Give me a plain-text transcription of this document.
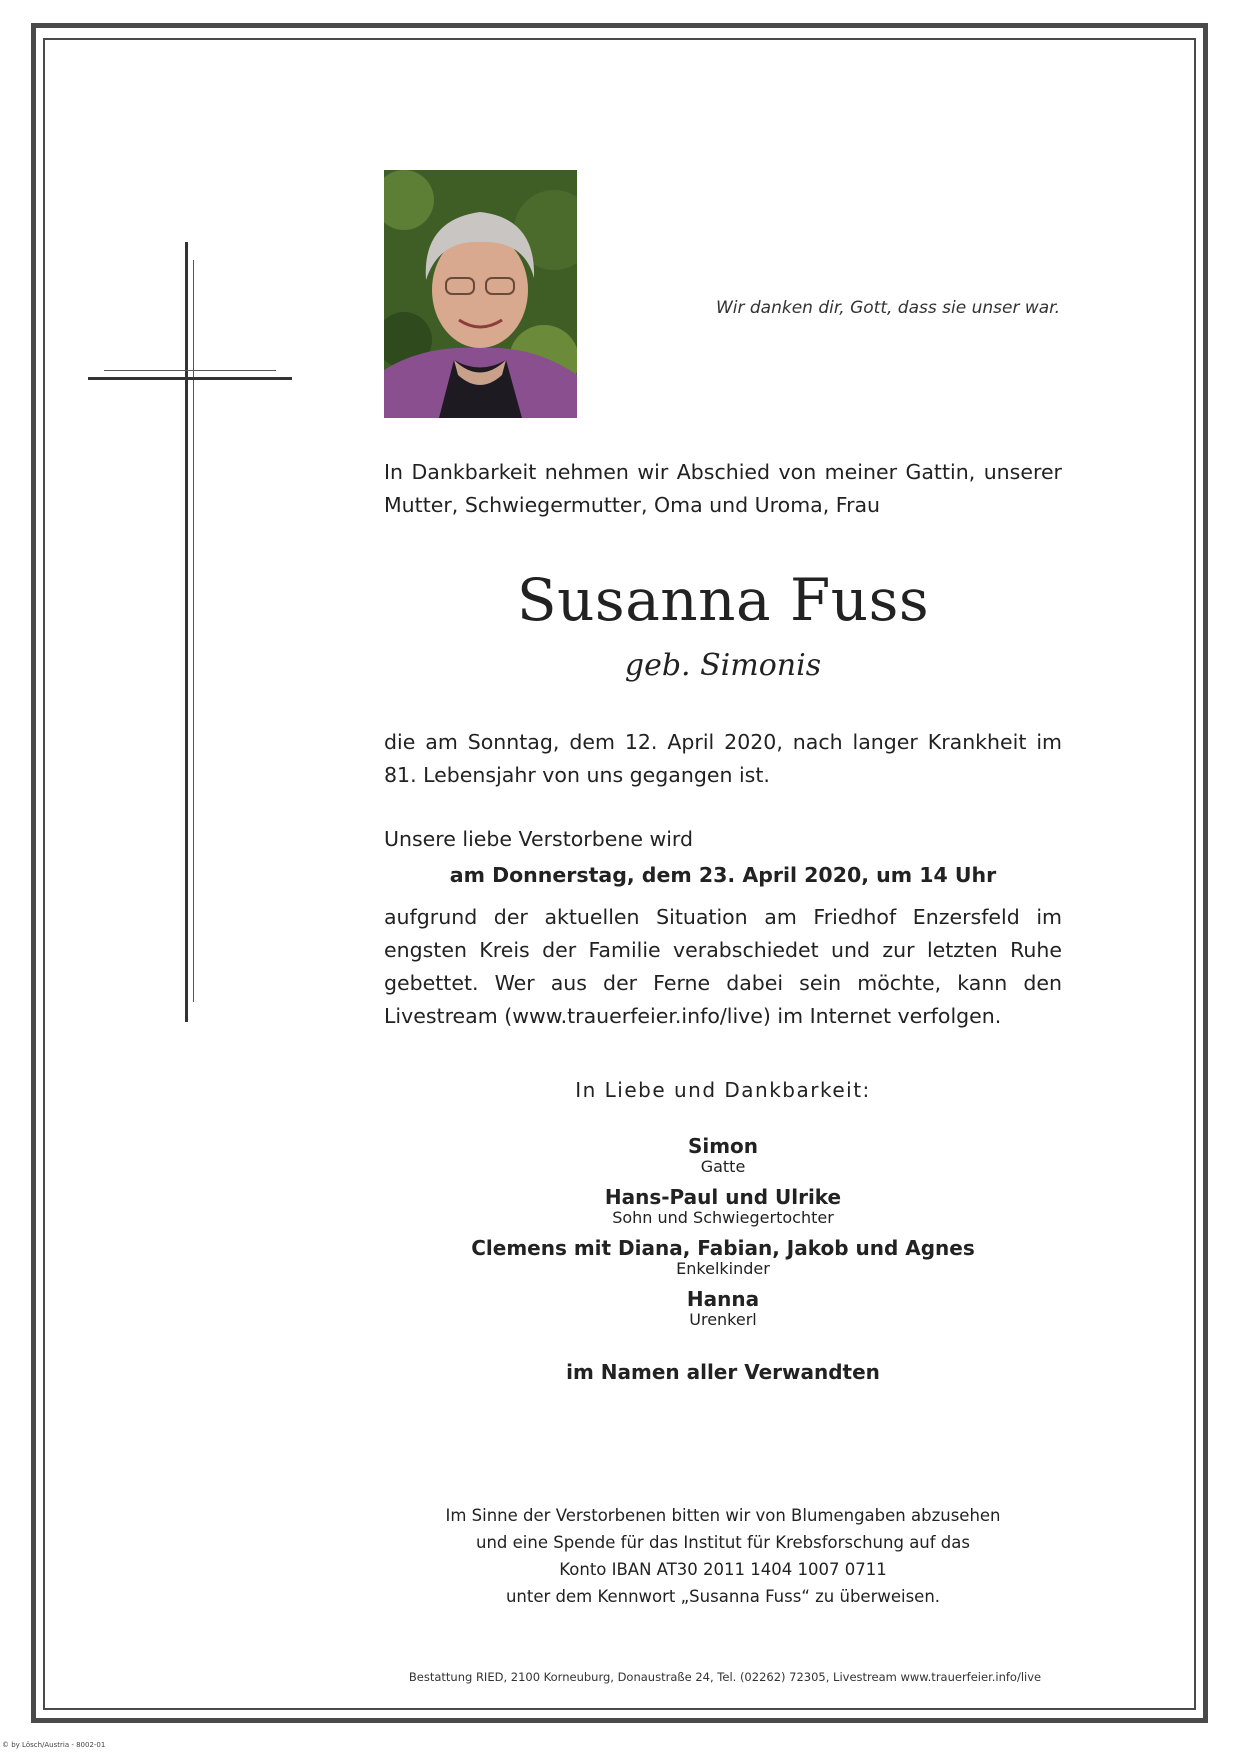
Wir danken dir, Gott, dass sie unser war.
In Dankbarkeit nehmen wir Abschied von meiner Gattin, unserer Mutter, Schwiegermutter, Oma und Uroma, Frau
Susanna Fuss
geb. Simonis
die am Sonntag, dem 12. April 2020, nach langer Krankheit im 81. Lebensjahr von uns gegangen ist.
Unsere liebe Verstorbene wird
am Donnerstag, dem 23. April 2020, um 14 Uhr
aufgrund der aktuellen Situation am Friedhof Enzersfeld im engsten Kreis der Familie verabschiedet und zur letzten Ruhe gebettet. Wer aus der Ferne dabei sein möchte, kann den Livestream (www.trauerfeier.info/live) im Internet verfolgen.
In Liebe und Dankbarkeit:
Simon
Gatte
Hans-Paul und Ulrike
Sohn und Schwiegertochter
Clemens mit Diana, Fabian, Jakob und Agnes
Enkelkinder
Hanna
Urenkerl
im Namen aller Verwandten
Im Sinne der Verstorbenen bitten wir von Blumengaben abzusehen
und eine Spende für das Institut für Krebsforschung auf das
Konto IBAN AT30 2011 1404 1007 0711
unter dem Kennwort „Susanna Fuss“ zu überweisen.
Bestattung RIED, 2100 Korneuburg, Donaustraße 24, Tel. (02262) 72305, Livestream www.trauerfeier.info/live
© by Lösch/Austria - 8002-01
